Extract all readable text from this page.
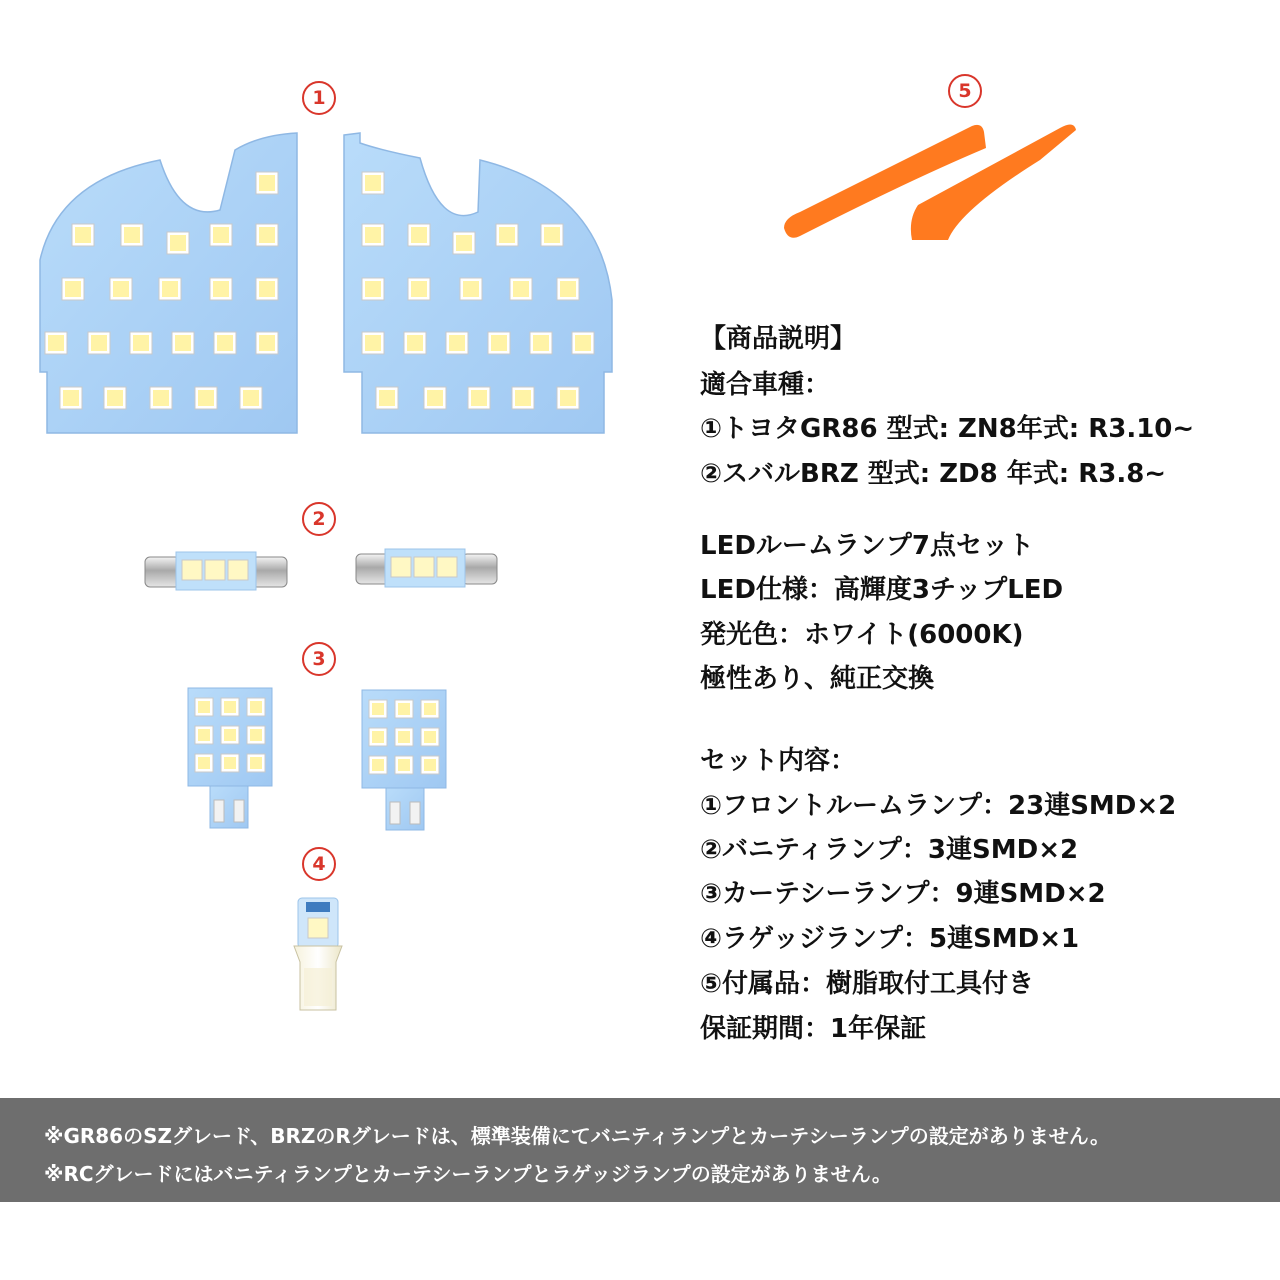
1
2
3
4
5
【商品説明】
適合車種：
①トヨタGR86 型式: ZN8年式: R3.10~
②スバルBRZ 型式: ZD8 年式: R3.8~
LEDルームランプ7点セット
LED仕様：高輝度3チップLED
発光色：ホワイト(6000K)
極性あり、純正交換
セット内容：
①フロントルームランプ：23連SMD×2
②バニティランプ：3連SMD×2
③カーテシーランプ：9連SMD×2
④ラゲッジランプ：5連SMD×1
⑤付属品：樹脂取付工具付き
保証期間：1年保証
※GR86のSZグレード、BRZのRグレードは、標準装備にてバニティランプとカーテシーランプの設定がありません。
※RCグレードにはバニティランプとカーテシーランプとラゲッジランプの設定がありません。
